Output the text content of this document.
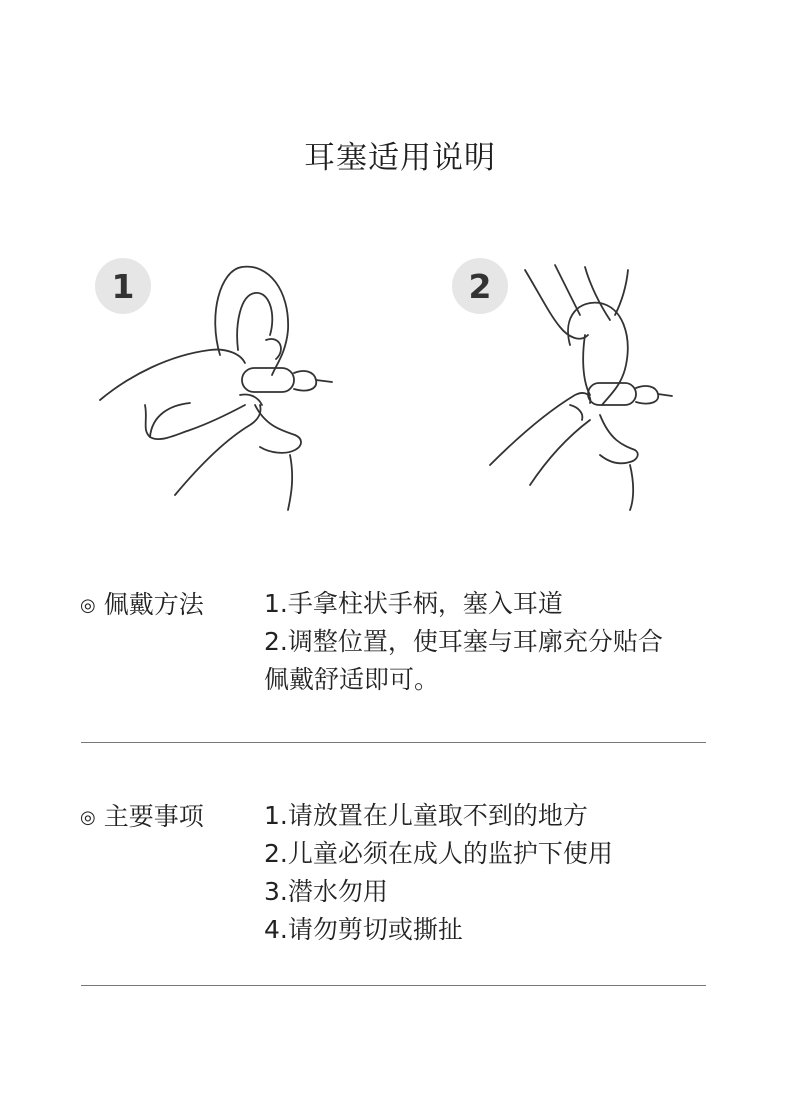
耳塞适用说明
1	2
◎ 佩戴方法 1.手拿柱状手柄，塞入耳道
2.调整位置，使耳塞与耳廓充分贴合
佩戴舒适即可。
◎ 主要事项 1.请放置在儿童取不到的地方
2.儿童必须在成人的监护下使用
3.潜水勿用
4.请勿剪切或撕扯
